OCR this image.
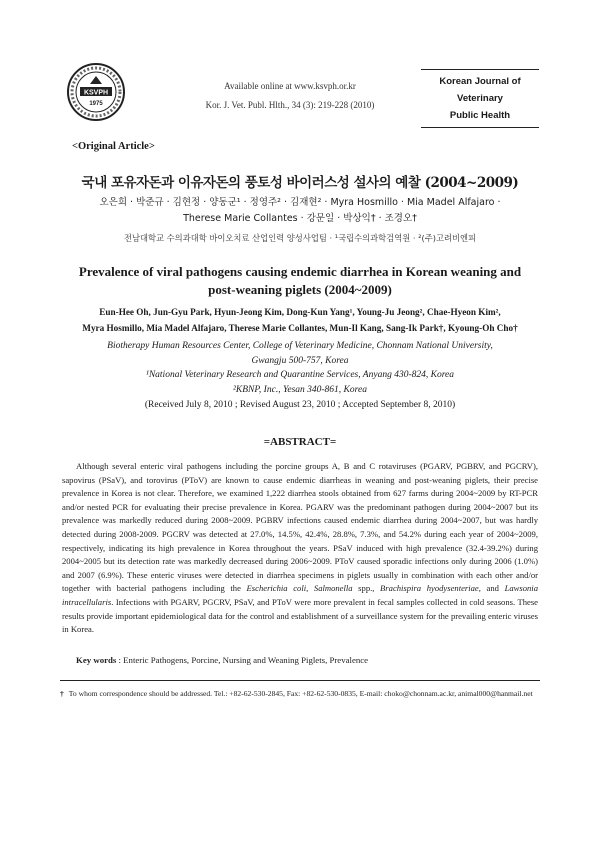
KSVPH
1975
Available online at www.ksvph.or.kr
Kor. J. Vet. Publ. Hlth., 34 (3): 219-228 (2010)
Korean Journal of
Veterinary
Public Health
<Original Article>
국내 포유자돈과 이유자돈의 풍토성 바이러스성 설사의 예찰 (2004~2009)
오은희 · 박준규 · 김현정 · 양동군¹ · 정영주² · 김재현² · Myra Hosmillo · Mia Madel Alfajaro ·
Therese Marie Collantes · 강문일 · 박상익† · 조경오†
전남대학교 수의과대학 바이오치료 산업인력 양성사업팀 · ¹국립수의과학검역원 · ²(주)고려비엔피
Prevalence of viral pathogens causing endemic diarrhea in Korean weaning and
post-weaning piglets (2004~2009)
Eun-Hee Oh, Jun-Gyu Park, Hyun-Jeong Kim, Dong-Kun Yang¹, Young-Ju Jeong², Chae-Hyeon Kim²,
Myra Hosmillo, Mia Madel Alfajaro, Therese Marie Collantes, Mun-Il Kang, Sang-Ik Park†, Kyoung-Oh Cho†
Biotherapy Human Resources Center, College of Veterinary Medicine, Chonnam National University,
Gwangju 500-757, Korea
¹National Veterinary Research and Quarantine Services, Anyang 430-824, Korea
²KBNP, Inc., Yesan 340-861, Korea
(Received July 8, 2010 ; Revised August 23, 2010 ; Accepted September 8, 2010)
=ABSTRACT=
Although several enteric viral pathogens including the porcine groups A, B and C rotaviruses (PGARV, PGBRV, and PGCRV), sapovirus (PSaV), and torovirus (PToV) are known to cause endemic diarrheas in weaning and post-weaning piglets, their precise prevalence in Korea is not clear. Therefore, we examined 1,222 diarrhea stools obtained from 627 farms during 2004~2009 by RT-PCR and/or nested PCR for evaluating their precise prevalence in Korea. PGARV was the predominant pathogen during 2004~2007 but its prevalence was markedly reduced during 2008~2009. PGBRV infections caused endemic diarrhea during 2004~2007, but was hardly detected during 2008-2009. PGCRV was detected at 27.0%, 14.5%, 42.4%, 28.8%, 7.3%, and 54.2% during each year of 2004~2009, respectively, indicating its high prevalence in Korea throughout the years. PSaV induced with high prevalence (32.4-39.2%) during 2004~2005 but its detection rate was markedly decreased during 2006~2009. PToV caused sporadic infections only during 2006 (1.0%) and 2007 (6.9%). These enteric viruses were detected in diarrhea specimens in piglets usually in combination with each other and/or together with bacterial pathogens including the Escherichia coli, Salmonella spp., Brachispira hyodysenteriae, and Lawsonia intracellularis. Infections with PGARV, PGCRV, PSaV, and PToV were more prevalent in fecal samples collected in cold seasons. These results provide important epidemiological data for the control and establishment of a surveillance system for the prevailing enteric viruses in Korea.
Key words : Enteric Pathogens, Porcine, Nursing and Weaning Piglets, Prevalence
† To whom correspondence should be addressed. Tel.: +82-62-530-2845, Fax: +82-62-530-0835, E-mail: choko@chonnam.ac.kr, animal000@hanmail.net
